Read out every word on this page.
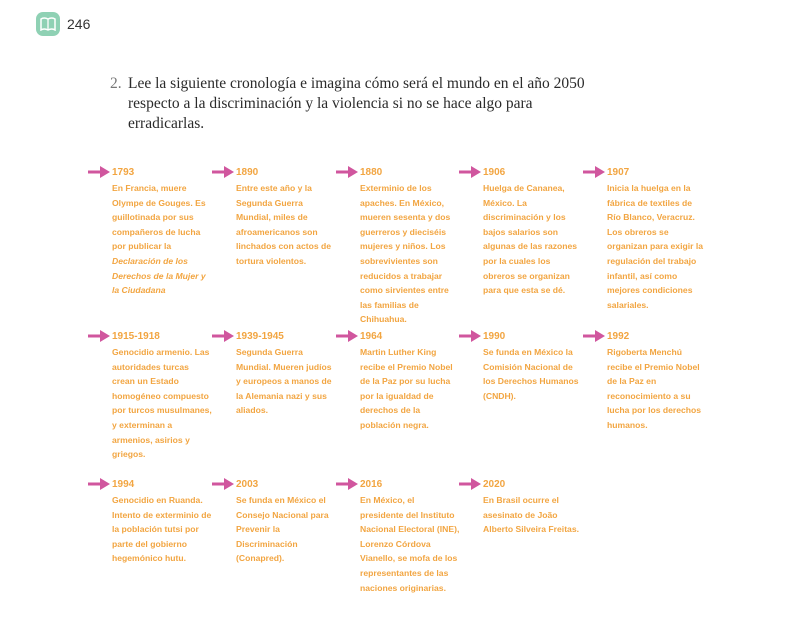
246
2. Lee la siguiente cronología e imagina cómo será el mundo en el año 2050 respecto a la discriminación y la violencia si no se hace algo para erradicarlas.
1793
En Francia, muere Olympe de Gouges. Es guillotinada por sus compañeros de lucha por publicar la Declaración de los Derechos de la Mujer y la Ciudadana
1890
Entre este año y la Segunda Guerra Mundial, miles de afroamericanos son linchados con actos de tortura violentos.
1880
Exterminio de los apaches. En México, mueren sesenta y dos guerreros y dieciséis mujeres y niños. Los sobrevivientes son reducidos a trabajar como sirvientes entre las familias de Chihuahua.
1906
Huelga de Cananea, México. La discriminación y los bajos salarios son algunas de las razones por la cuales los obreros se organizan para que esta se dé.
1907
Inicia la huelga en la fábrica de textiles de Río Blanco, Veracruz. Los obreros se organizan para exigir la regulación del trabajo infantil, así como mejores condiciones salariales.
1915-1918
Genocidio armenio. Las autoridades turcas crean un Estado homogéneo compuesto por turcos musulmanes, y exterminan a armenios, asirios y griegos.
1939-1945
Segunda Guerra Mundial. Mueren judíos y europeos a manos de la Alemania nazi y sus aliados.
1964
Martin Luther King recibe el Premio Nobel de la Paz por su lucha por la igualdad de derechos de la población negra.
1990
Se funda en México la Comisión Nacional de los Derechos Humanos (CNDH).
1992
Rigoberta Menchú recibe el Premio Nobel de la Paz en reconocimiento a su lucha por los derechos humanos.
1994
Genocidio en Ruanda. Intento de exterminio de la población tutsi por parte del gobierno hegemónico hutu.
2003
Se funda en México el Consejo Nacional para Prevenir la Discriminación (Conapred).
2016
En México, el presidente del Instituto Nacional Electoral (INE), Lorenzo Córdova Vianello, se mofa de los representantes de las naciones originarias.
2020
En Brasil ocurre el asesinato de João Alberto Silveira Freitas.
